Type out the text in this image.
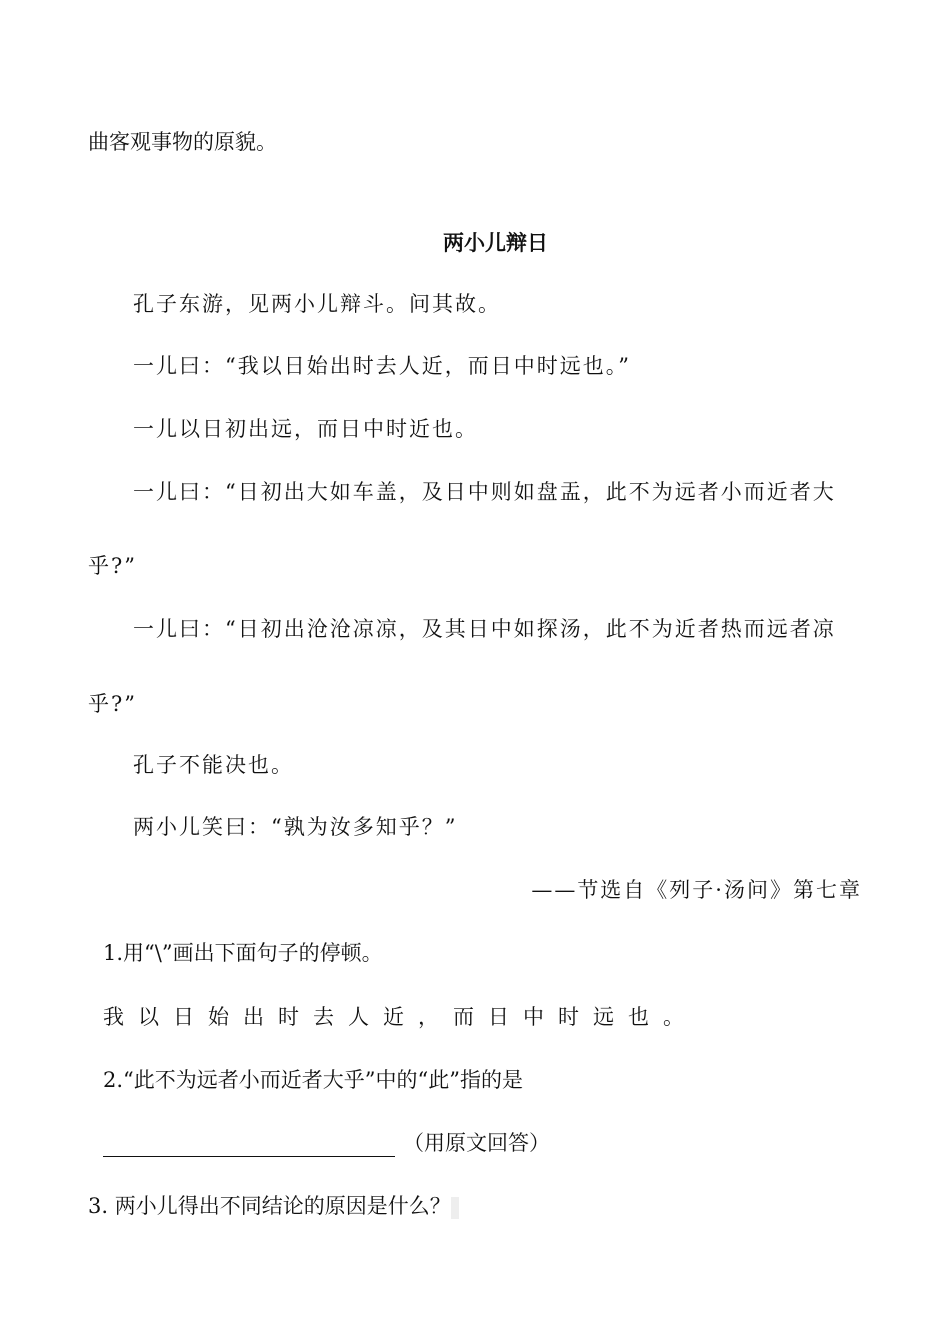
曲客观事物的原貌。
两小儿辩日
孔子东游，见两小儿辩斗。问其故。
一儿曰：“我以日始出时去人近，而日中时远也。”
一儿以日初出远，而日中时近也。
一儿曰：“日初出大如车盖，及日中则如盘盂，此不为远者小而近者大
乎?”
一儿曰：“日初出沧沧凉凉，及其日中如探汤，此不为近者热而远者凉
乎?”
孔子不能决也。
两小儿笑曰：“孰为汝多知乎？”
——节选自《列子·汤问》第七章
1.用“\”画出下面句子的停顿。
我以日始出时去人近，而日中时远也。
2.“此不为远者小而近者大乎”中的“此”指的是
（用原文回答）
3. 两小儿得出不同结论的原因是什么？
